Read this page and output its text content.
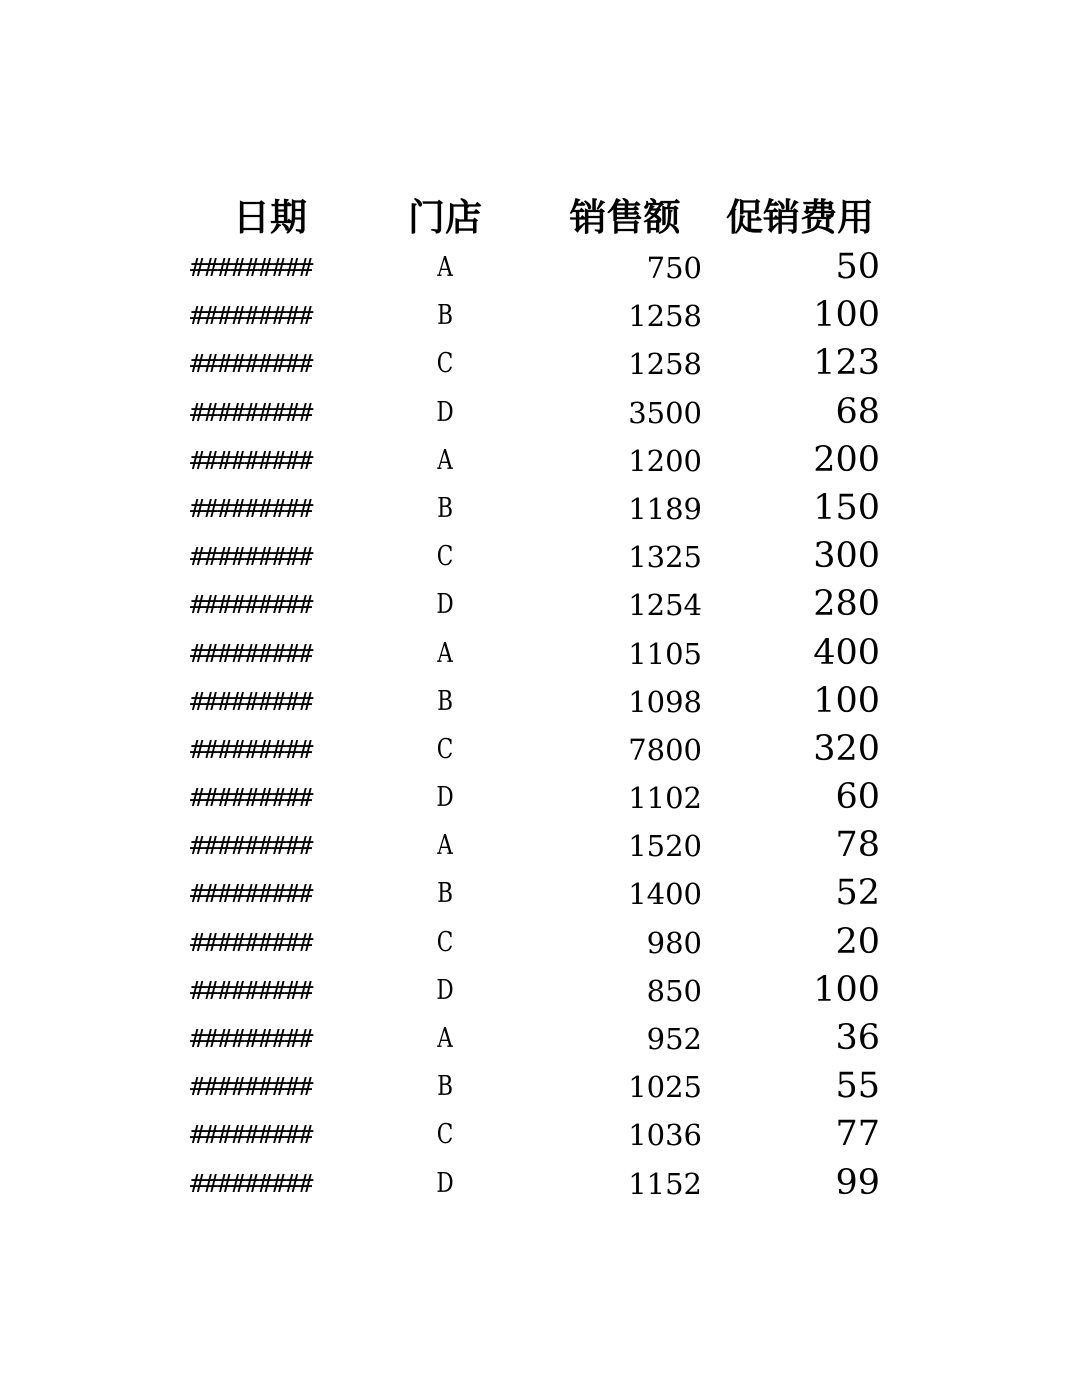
日期	门店	销售额	促销费用
#########	A	750	50
#########	B	1258	100
#########	C	1258	123
#########	D	3500	68
#########	A	1200	200
#########	B	1189	150
#########	C	1325	300
#########	D	1254	280
#########	A	1105	400
#########	B	1098	100
#########	C	7800	320
#########	D	1102	60
#########	A	1520	78
#########	B	1400	52
#########	C	980	20
#########	D	850	100
#########	A	952	36
#########	B	1025	55
#########	C	1036	77
#########	D	1152	99
